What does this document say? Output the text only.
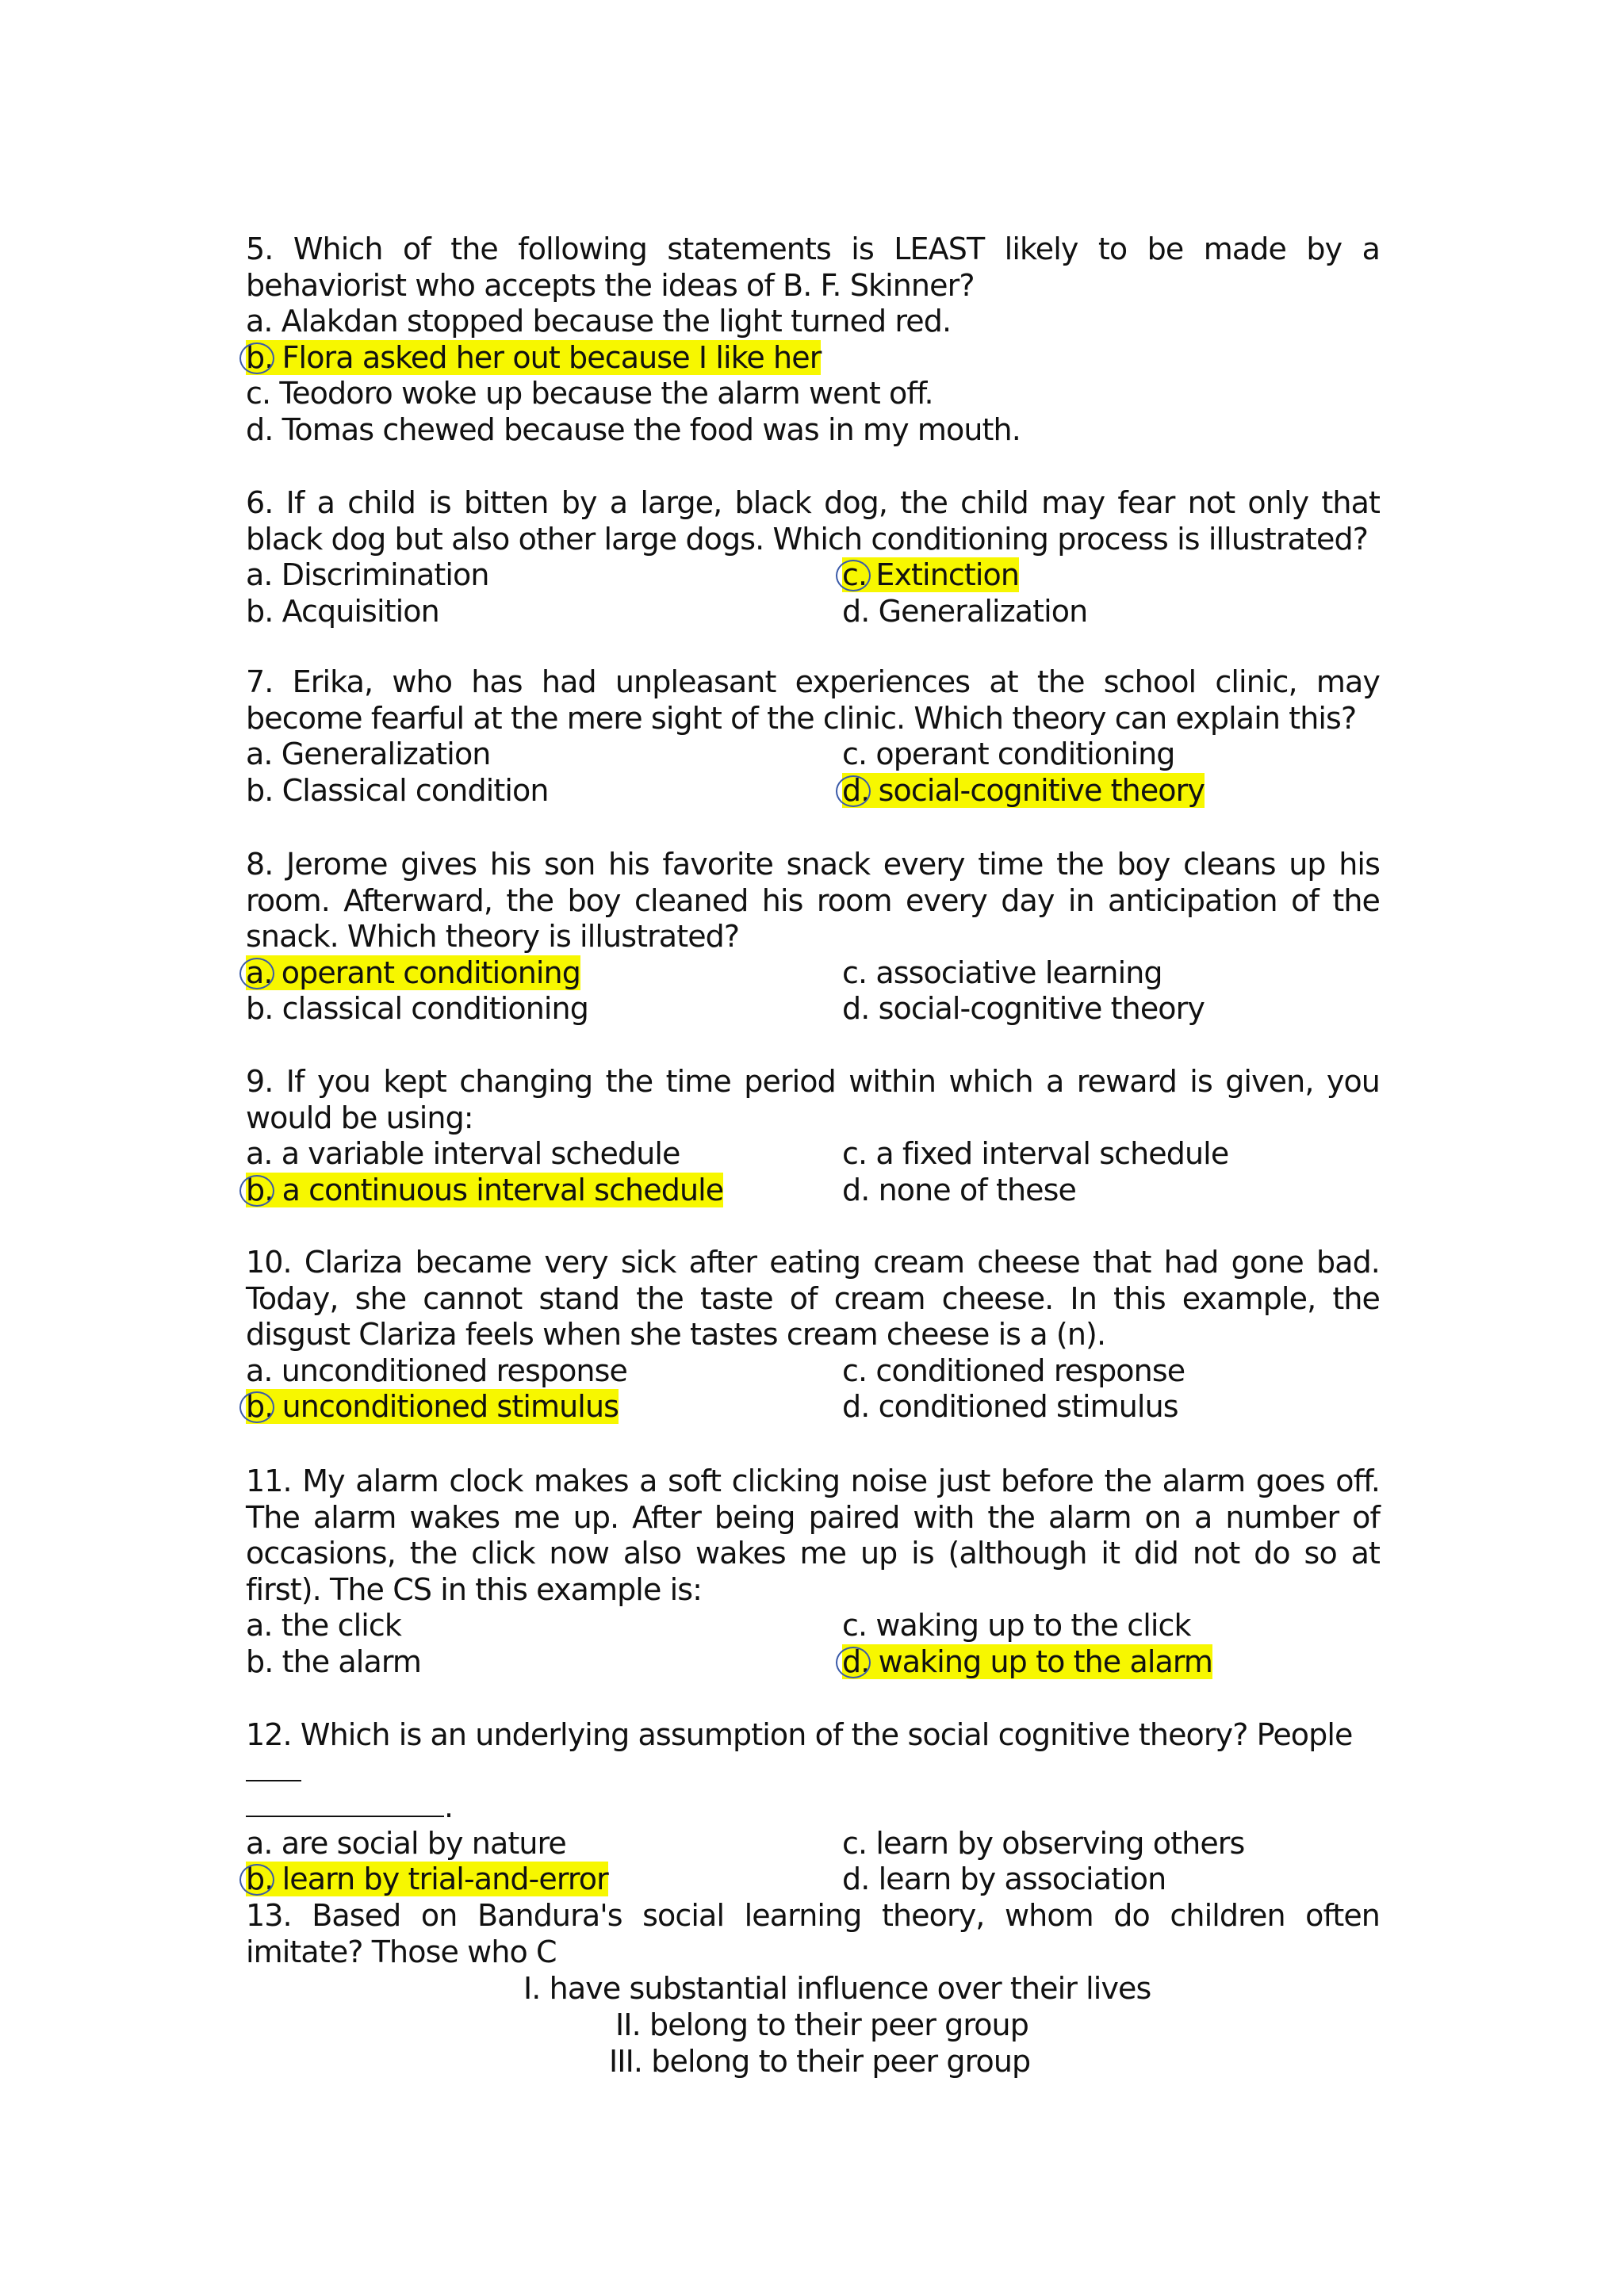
5. Which of the following statements is LEAST likely to be made by a behaviorist who accepts the ideas of B. F. Skinner?
a. Alakdan stopped because the light turned red.
b. Flora asked her out because I like her
c. Teodoro woke up because the alarm went off.
d. Tomas chewed because the food was in my mouth.
6. If a child is bitten by a large, black dog, the child may fear not only that black dog but also other large dogs. Which conditioning process is illustrated?
a. Discrimination	c. Extinction
b. Acquisition	d. Generalization
7. Erika, who has had unpleasant experiences at the school clinic, may become fearful at the mere sight of the clinic. Which theory can explain this?
a. Generalization	c. operant conditioning
b. Classical condition	d. social-cognitive theory
8. Jerome gives his son his favorite snack every time the boy cleans up his room. Afterward, the boy cleaned his room every day in anticipation of the snack. Which theory is illustrated?
a. operant conditioning	c. associative learning
b. classical conditioning	d. social-cognitive theory
9. If you kept changing the time period within which a reward is given, you would be using:
a. a variable interval schedule	c. a fixed interval schedule
b. a continuous interval schedule	d. none of these
10. Clariza became very sick after eating cream cheese that had gone bad. Today, she cannot stand the taste of cream cheese. In this example, the disgust Clariza feels when she tastes cream cheese is a (n).
a. unconditioned response	c. conditioned response
b. unconditioned stimulus	d. conditioned stimulus
11. My alarm clock makes a soft clicking noise just before the alarm goes off. The alarm wakes me up. After being paired with the alarm on a number of occasions, the click now also wakes me up is (although it did not do so at first). The CS in this example is:
a. the click	c. waking up to the click
b. the alarm	d. waking up to the alarm
12. Which is an underlying assumption of the social cognitive theory? People
.
a. are social by nature	c. learn by observing others
b. learn by trial-and-error	d. learn by association
13. Based on Bandura's social learning theory, whom do children often imitate? Those who C
I. have substantial influence over their lives
II. belong to their peer group
III. belong to their peer group
